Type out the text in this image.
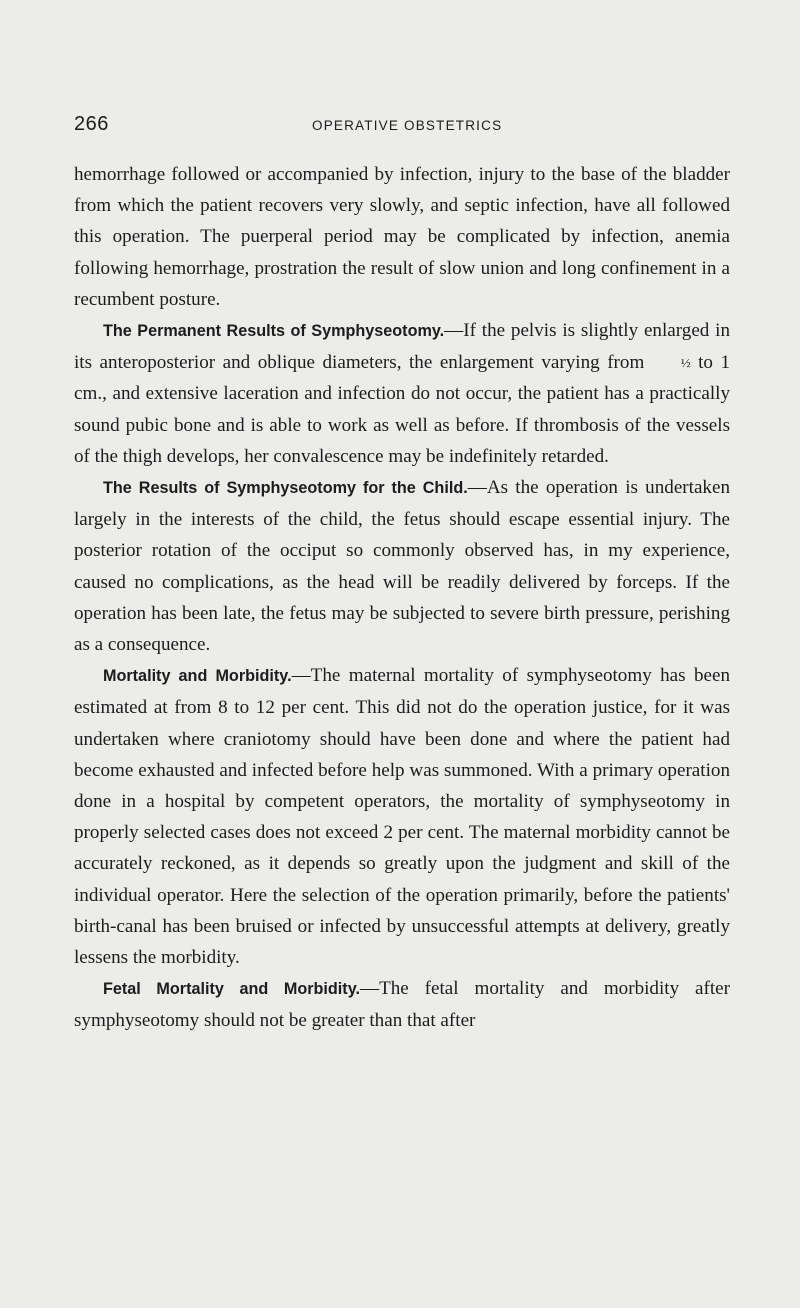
266	OPERATIVE OBSTETRICS

hemorrhage followed or accompanied by infection, injury to the base of the bladder from which the patient recovers very slowly, and septic infection, have all followed this operation. The puerperal period may be complicated by infection, anemia following hemorrhage, prostration the result of slow union and long confinement in a recumbent posture.

The Permanent Results of Symphyseotomy.—If the pelvis is slightly enlarged in its anteroposterior and oblique diameters, the enlargement varying from ½ to 1 cm., and extensive laceration and infection do not occur, the patient has a practically sound pubic bone and is able to work as well as before. If thrombosis of the vessels of the thigh develops, her convalescence may be indefinitely retarded.

The Results of Symphyseotomy for the Child.—As the operation is undertaken largely in the interests of the child, the fetus should escape essential injury. The posterior rotation of the occiput so commonly observed has, in my experience, caused no complications, as the head will be readily delivered by forceps. If the operation has been late, the fetus may be subjected to severe birth pressure, perishing as a consequence.

Mortality and Morbidity.—The maternal mortality of symphyseotomy has been estimated at from 8 to 12 per cent. This did not do the operation justice, for it was undertaken where craniotomy should have been done and where the patient had become exhausted and infected before help was summoned. With a primary operation done in a hospital by competent operators, the mortality of symphyseotomy in properly selected cases does not exceed 2 per cent. The maternal morbidity cannot be accurately reckoned, as it depends so greatly upon the judgment and skill of the individual operator. Here the selection of the operation primarily, before the patients' birth-canal has been bruised or infected by unsuccessful attempts at delivery, greatly lessens the morbidity.

Fetal Mortality and Morbidity.—The fetal mortality and morbidity after symphyseotomy should not be greater than that after
